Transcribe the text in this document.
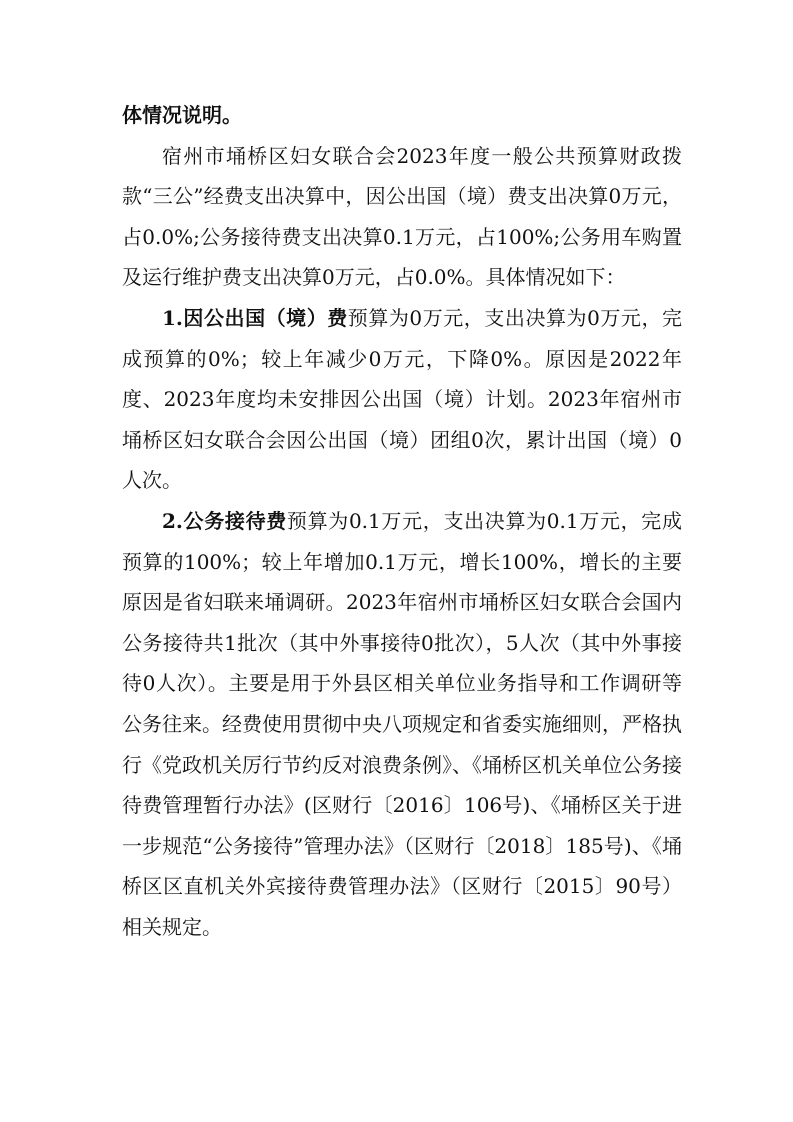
体情况说明。

宿州市埇桥区妇女联合会2023年度一般公共预算财政拨款“三公”经费支出决算中，因公出国（境）费支出决算0万元，占0.0%;公务接待费支出决算0.1万元，占100%;公务用车购置及运行维护费支出决算0万元，占0.0%。具体情况如下：

1.因公出国（境）费预算为0万元，支出决算为0万元，完成预算的0%；较上年减少0万元，下降0%。原因是2022年度、2023年度均未安排因公出国（境）计划。2023年宿州市埇桥区妇女联合会因公出国（境）团组0次，累计出国（境）0人次。

2.公务接待费预算为0.1万元，支出决算为0.1万元，完成预算的100%；较上年增加0.1万元，增长100%，增长的主要原因是省妇联来埇调研。2023年宿州市埇桥区妇女联合会国内公务接待共1批次（其中外事接待0批次），5人次（其中外事接待0人次）。主要是用于外县区相关单位业务指导和工作调研等公务往来。经费使用贯彻中央八项规定和省委实施细则，严格执行《党政机关厉行节约反对浪费条例》、《埇桥区机关单位公务接待费管理暂行办法》(区财行〔2016〕106号)、《埇桥区关于进一步规范“公务接待”管理办法》（区财行〔2018〕185号)、《埇桥区区直机关外宾接待费管理办法》（区财行〔2015〕90号）相关规定。
